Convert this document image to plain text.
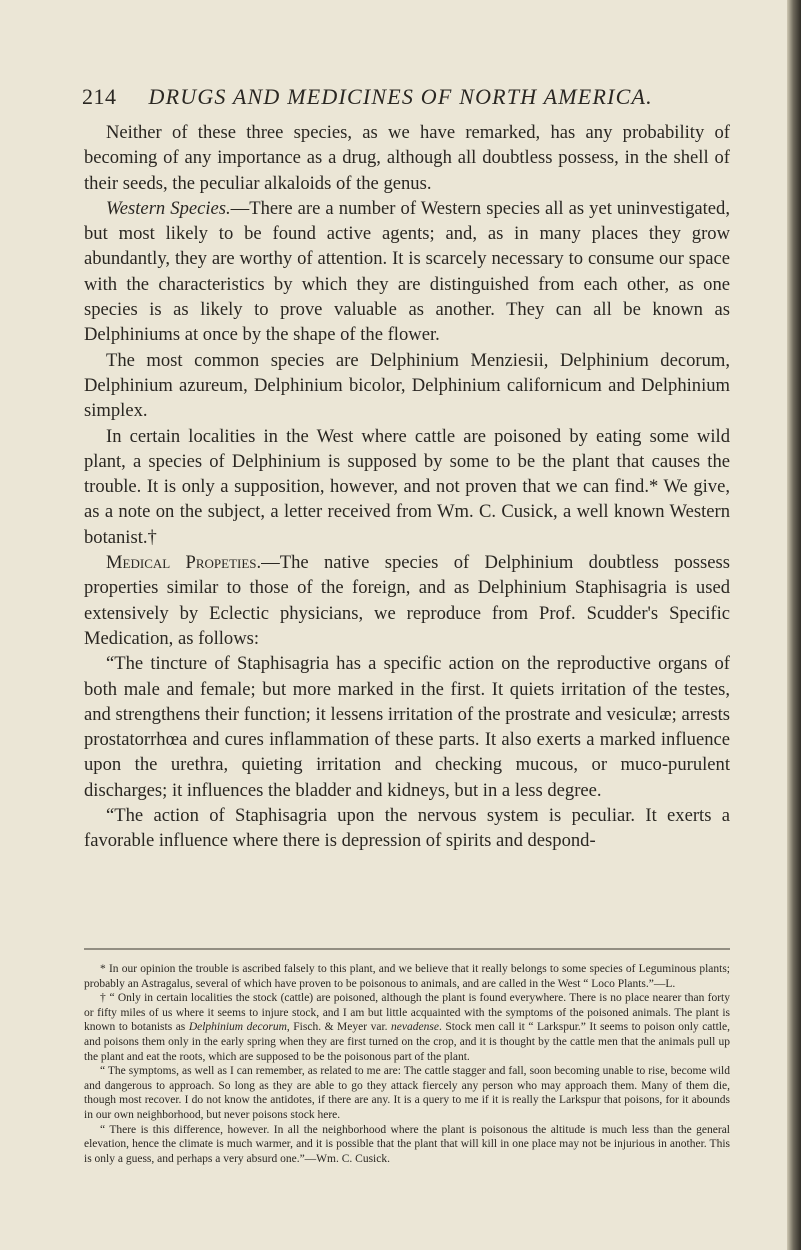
214 DRUGS AND MEDICINES OF NORTH AMERICA.

Neither of these three species, as we have remarked, has any probability of becoming of any importance as a drug, although all doubtless possess, in the shell of their seeds, the peculiar alkaloids of the genus.

Western Species.—There are a number of Western species all as yet uninvestigated, but most likely to be found active agents; and, as in many places they grow abundantly, they are worthy of attention. It is scarcely necessary to consume our space with the characteristics by which they are distinguished from each other, as one species is as likely to prove valuable as another. They can all be known as Delphiniums at once by the shape of the flower.

The most common species are Delphinium Menziesii, Delphinium decorum, Delphinium azureum, Delphinium bicolor, Delphinium californicum and Delphinium simplex.

In certain localities in the West where cattle are poisoned by eating some wild plant, a species of Delphinium is supposed by some to be the plant that causes the trouble. It is only a supposition, however, and not proven that we can find.* We give, as a note on the subject, a letter received from Wm. C. Cusick, a well known Western botanist.†

Medical Propeties.—The native species of Delphinium doubtless possess properties similar to those of the foreign, and as Delphinium Staphisagria is used extensively by Eclectic physicians, we reproduce from Prof. Scudder's Specific Medication, as follows:

“The tincture of Staphisagria has a specific action on the reproductive organs of both male and female; but more marked in the first. It quiets irritation of the testes, and strengthens their function; it lessens irritation of the prostrate and vesiculæ; arrests prostatorrhœa and cures inflammation of these parts. It also exerts a marked influence upon the urethra, quieting irritation and checking mucous, or muco-purulent discharges; it influences the bladder and kidneys, but in a less degree.

“The action of Staphisagria upon the nervous system is peculiar. It exerts a favorable influence where there is depression of spirits and despond-

* In our opinion the trouble is ascribed falsely to this plant, and we believe that it really belongs to some species of Leguminous plants; probably an Astragalus, several of which have proven to be poisonous to animals, and are called in the West “ Loco Plants.”—L.

† “ Only in certain localities the stock (cattle) are poisoned, although the plant is found everywhere. There is no place nearer than forty or fifty miles of us where it seems to injure stock, and I am but little acquainted with the symptoms of the poisoned animals. The plant is known to botanists as Delphinium decorum, Fisch. & Meyer var. nevadense. Stock men call it “ Larkspur.” It seems to poison only cattle, and poisons them only in the early spring when they are first turned on the crop, and it is thought by the cattle men that the animals pull up the plant and eat the roots, which are supposed to be the poisonous part of the plant.

“ The symptoms, as well as I can remember, as related to me are: The cattle stagger and fall, soon becoming unable to rise, become wild and dangerous to approach. So long as they are able to go they attack fiercely any person who may approach them. Many of them die, though most recover. I do not know the antidotes, if there are any. It is a query to me if it is really the Larkspur that poisons, for it abounds in our own neighborhood, but never poisons stock here.

“ There is this difference, however. In all the neighborhood where the plant is poisonous the altitude is much less than the general elevation, hence the climate is much warmer, and it is possible that the plant that will kill in one place may not be injurious in another. This is only a guess, and perhaps a very absurd one.”—Wm. C. Cusick.
